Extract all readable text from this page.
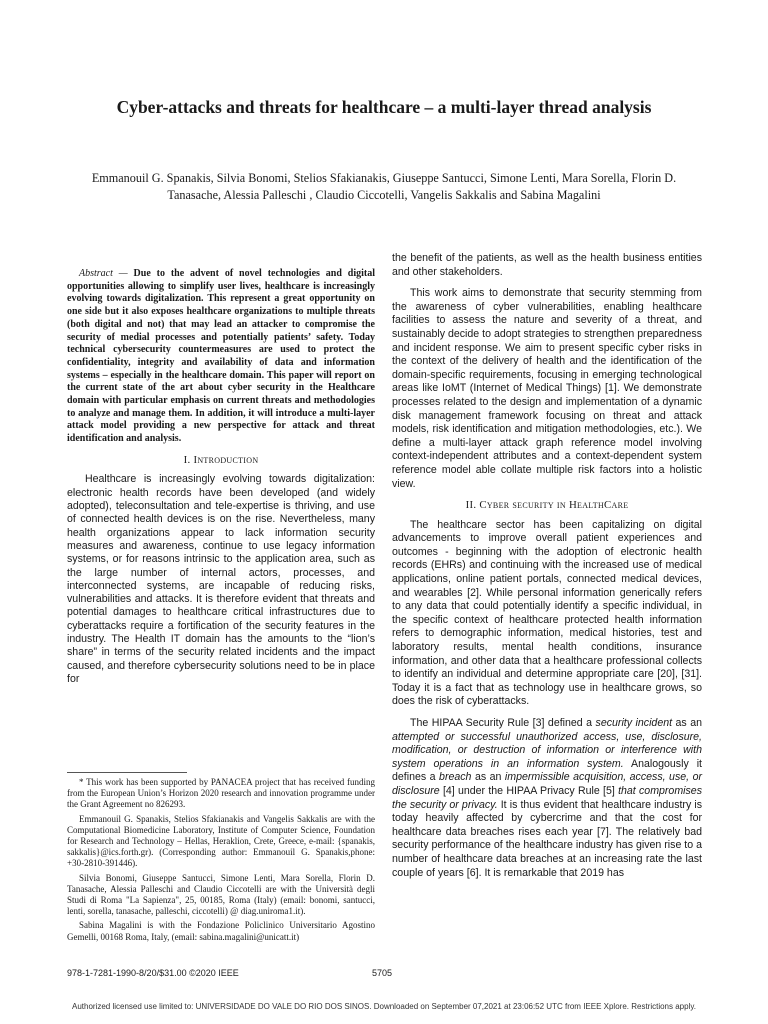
Cyber-attacks and threats for healthcare – a multi-layer thread analysis
Emmanouil G. Spanakis, Silvia Bonomi, Stelios Sfakianakis, Giuseppe Santucci, Simone Lenti, Mara Sorella, Florin D. Tanasache, Alessia Palleschi , Claudio Ciccotelli, Vangelis Sakkalis and Sabina Magalini

Abstract — Due to the advent of novel technologies and digital opportunities allowing to simplify user lives, healthcare is increasingly evolving towards digitalization. This represent a great opportunity on one side but it also exposes healthcare organizations to multiple threats (both digital and not) that may lead an attacker to compromise the security of medial processes and potentially patients’ safety. Today technical cybersecurity countermeasures are used to protect the confidentiality, integrity and availability of data and information systems – especially in the healthcare domain. This paper will report on the current state of the art about cyber security in the Healthcare domain with particular emphasis on current threats and methodologies to analyze and manage them. In addition, it will introduce a multi-layer attack model providing a new perspective for attack and threat identification and analysis.

I. Introduction

Healthcare is increasingly evolving towards digitalization: electronic health records have been developed (and widely adopted), teleconsultation and tele-expertise is thriving, and use of connected health devices is on the rise. Nevertheless, many health organizations appear to lack information security measures and awareness, continue to use legacy information systems, or for reasons intrinsic to the application area, such as the large number of internal actors, processes, and interconnected systems, are incapable of reducing risks, vulnerabilities and attacks. It is therefore evident that threats and potential damages to healthcare critical infrastructures due to cyberattacks require a fortification of the security features in the industry. The Health IT domain has the amounts to the “lion’s share” in terms of the security related incidents and the impact caused, and therefore cybersecurity solutions need to be in place for

* This work has been supported by PANACEA project that has received funding from the European Union’s Horizon 2020 research and innovation programme under the Grant Agreement no 826293.

Emmanouil G. Spanakis, Stelios Sfakianakis and Vangelis Sakkalis are with the Computational Biomedicine Laboratory, Institute of Computer Science, Foundation for Research and Technology – Hellas, Heraklion, Crete, Greece, e-mail: {spanakis, sakkalis}@ics.forth.gr). (Corresponding author: Emmanouil G. Spanakis,phone: +30-2810-391446).

Silvia Bonomi, Giuseppe Santucci, Simone Lenti, Mara Sorella, Florin D. Tanasache, Alessia Palleschi and Claudio Ciccotelli are with the Università degli Studi di Roma "La Sapienza", 25, 00185, Roma (Italy) (email: bonomi, santucci, lenti, sorella, tanasache, palleschi, ciccotelli) @ diag.uniroma1.it).

Sabina Magalini is with the Fondazione Policlinico Universitario Agostino Gemelli, 00168 Roma, Italy, (email: sabina.magalini@unicatt.it)

the benefit of the patients, as well as the health business entities and other stakeholders.

This work aims to demonstrate that security stemming from the awareness of cyber vulnerabilities, enabling healthcare facilities to assess the nature and severity of a threat, and sustainably decide to adopt strategies to strengthen preparedness and incident response. We aim to present specific cyber risks in the context of the delivery of health and the identification of the domain-specific requirements, focusing in emerging technological areas like IoMT (Internet of Medical Things) [1]. We demonstrate processes related to the design and implementation of a dynamic disk management framework focusing on threat and attack models, risk identification and mitigation methodologies, etc.). We define a multi-layer attack graph reference model involving context-independent attributes and a context-dependent system reference model able collate multiple risk factors into a holistic view.

II. Cyber security in HealthCare

The healthcare sector has been capitalizing on digital advancements to improve overall patient experiences and outcomes - beginning with the adoption of electronic health records (EHRs) and continuing with the increased use of medical applications, online patient portals, connected medical devices, and wearables [2]. While personal information generically refers to any data that could potentially identify a specific individual, in the specific context of healthcare protected health information refers to demographic information, medical histories, test and laboratory results, mental health conditions, insurance information, and other data that a healthcare professional collects to identify an individual and determine appropriate care [20], [31]. Today it is a fact that as technology use in healthcare grows, so does the risk of cyberattacks.

The HIPAA Security Rule [3] defined a security incident as an attempted or successful unauthorized access, use, disclosure, modification, or destruction of information or interference with system operations in an information system. Analogously it defines a breach as an impermissible acquisition, access, use, or disclosure [4] under the HIPAA Privacy Rule [5] that compromises the security or privacy. It is thus evident that healthcare industry is today heavily affected by cybercrime and that the cost for healthcare data breaches rises each year [7]. The relatively bad security performance of the healthcare industry has given rise to a number of healthcare data breaches at an increasing rate the last couple of years [6]. It is remarkable that 2019 has

978-1-7281-1990-8/20/$31.00 ©2020 IEEE	5705
Authorized licensed use limited to: UNIVERSIDADE DO VALE DO RIO DOS SINOS. Downloaded on September 07,2021 at 23:06:52 UTC from IEEE Xplore. Restrictions apply.
